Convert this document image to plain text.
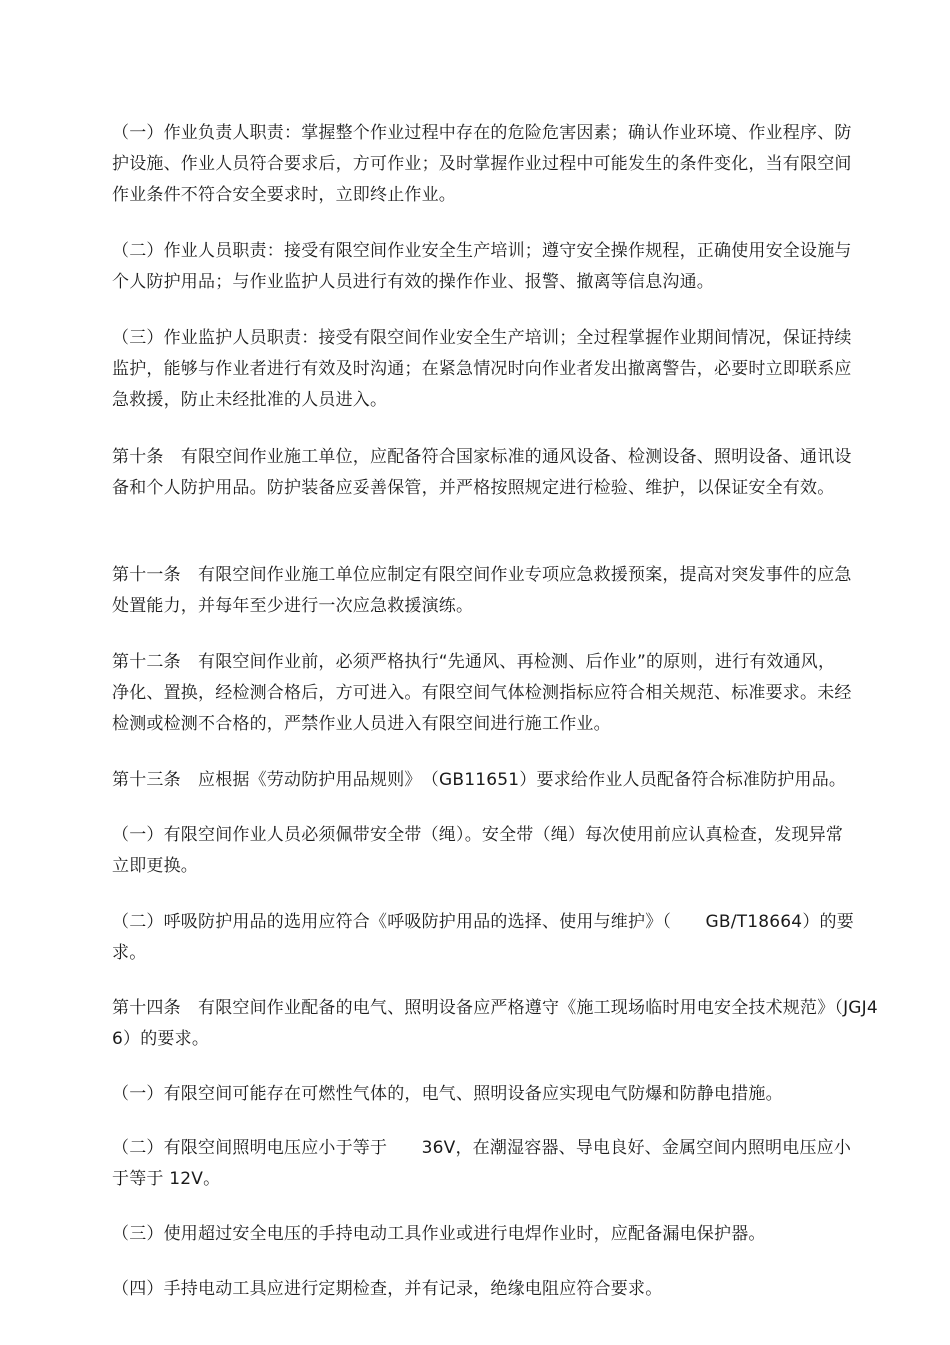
（一）作业负责人职责：掌握整个作业过程中存在的危险危害因素；确认作业环境、作业程序、防护设施、作业人员符合要求后，方可作业；及时掌握作业过程中可能发生的条件变化，当有限空间作业条件不符合安全要求时，立即终止作业。

（二）作业人员职责：接受有限空间作业安全生产培训；遵守安全操作规程，正确使用安全设施与个人防护用品；与作业监护人员进行有效的操作作业、报警、撤离等信息沟通。

（三）作业监护人员职责：接受有限空间作业安全生产培训；全过程掌握作业期间情况，保证持续监护，能够与作业者进行有效及时沟通；在紧急情况时向作业者发出撤离警告，必要时立即联系应急救援，防止未经批准的人员进入。

第十条　有限空间作业施工单位，应配备符合国家标准的通风设备、检测设备、照明设备、通讯设备和个人防护用品。防护装备应妥善保管，并严格按照规定进行检验、维护，以保证安全有效。

第十一条　有限空间作业施工单位应制定有限空间作业专项应急救援预案，提高对突发事件的应急处置能力，并每年至少进行一次应急救援演练。

第十二条　有限空间作业前，必须严格执行“先通风、再检测、后作业”的原则，进行有效通风，净化、置换，经检测合格后，方可进入。有限空间气体检测指标应符合相关规范、标准要求。未经检测或检测不合格的，严禁作业人员进入有限空间进行施工作业。

第十三条　应根据《劳动防护用品规则》　（GB11651）要求给作业人员配备符合标准防护用品。

（一）有限空间作业人员必须佩带安全带（绳）。安全带（绳）每次使用前应认真检查，发现异常立即更换。

（二）呼吸防护用品的选用应符合《呼吸防护用品的选择、使用与维护》（　　GB/T18664）的要求。

第十四条　有限空间作业配备的电气、照明设备应严格遵守《施工现场临时用电安全技术规范》（JGJ46）的要求。

（一）有限空间可能存在可燃性气体的，电气、照明设备应实现电气防爆和防静电措施。

（二）有限空间照明电压应小于等于　　36V，在潮湿容器、导电良好、金属空间内照明电压应小于等于 12V。

（三）使用超过安全电压的手持电动工具作业或进行电焊作业时，应配备漏电保护器。

（四）手持电动工具应进行定期检查，并有记录，绝缘电阻应符合要求。
